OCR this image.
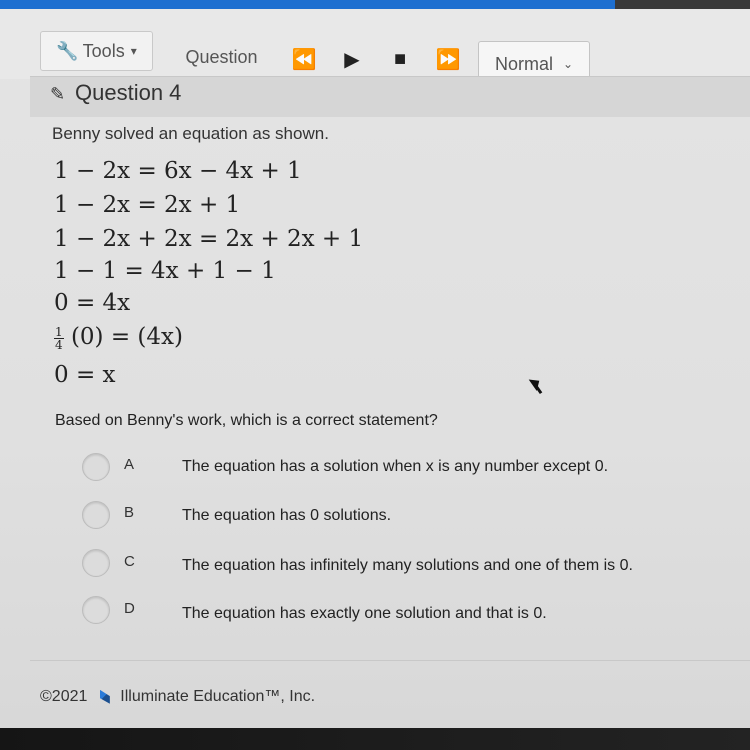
🔧 Tools ▾	Question ⏪ ▶ ■ ⏩ Normal ⌄
✎ Question 4
Benny solved an equation as shown.
1 − 2x = 6x − 4x + 1
1 − 2x = 2x + 1
1 − 2x + 2x = 2x + 2x + 1
1 − 1 = 4x + 1 − 1
0 = 4x
$\frac{1}{4} (0) = (4x)$
0 = x
Based on Benny's work, which is a correct statement?
A	The equation has a solution when x is any number except 0.
B	The equation has 0 solutions.
C	The equation has infinitely many solutions and one of them is 0.
D	The equation has exactly one solution and that is 0.
©2021 Illuminate Education™, Inc.
